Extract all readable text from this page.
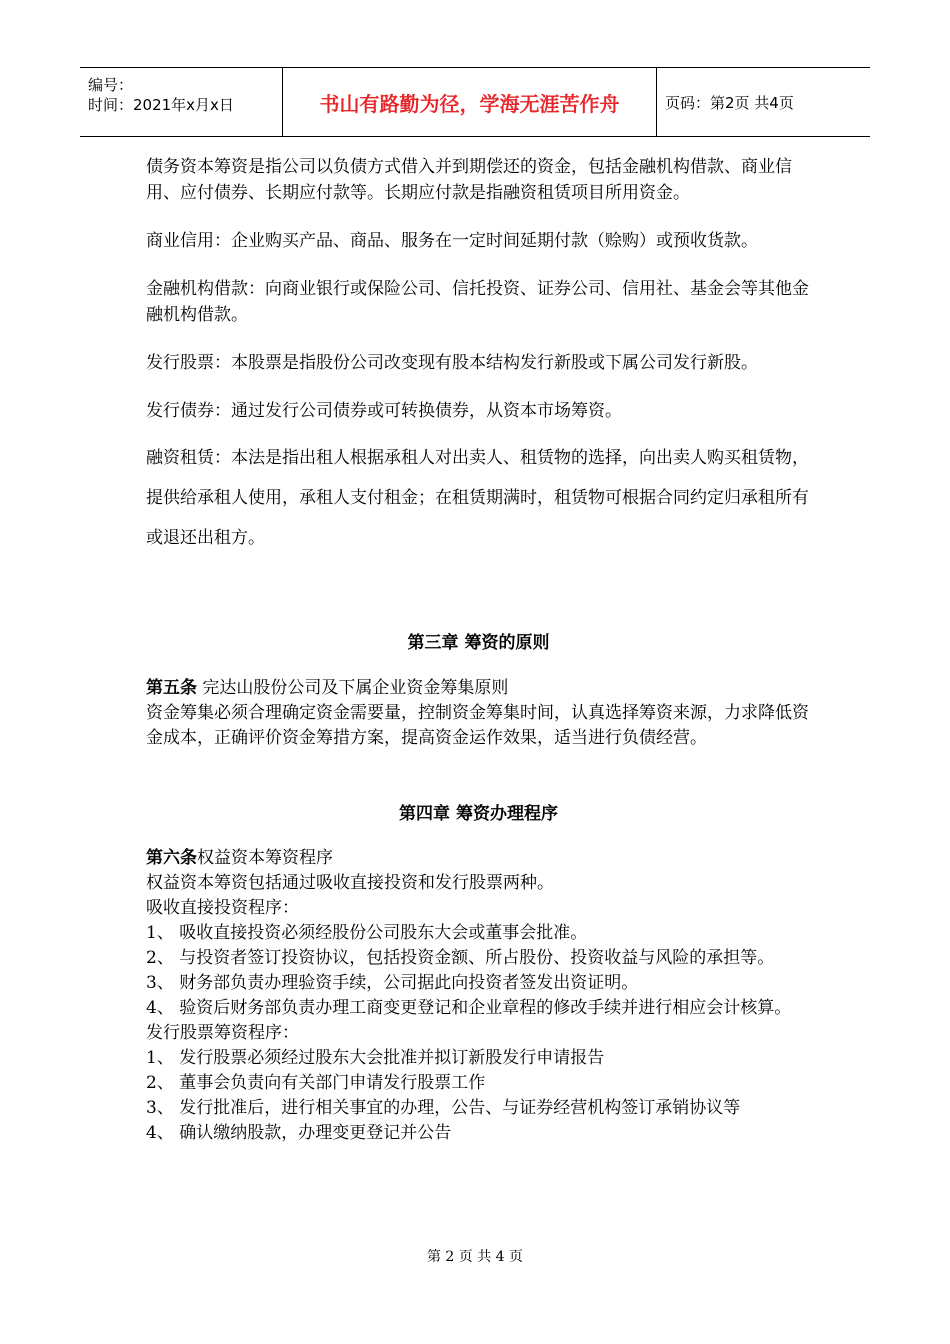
编号：
时间：2021年x月x日	书山有路勤为径，学海无涯苦作舟	页码：第2页 共4页

债务资本筹资是指公司以负债方式借入并到期偿还的资金，包括金融机构借款、商业信用、应付债券、长期应付款等。长期应付款是指融资租赁项目所用资金。

商业信用：企业购买产品、商品、服务在一定时间延期付款（赊购）或预收货款。

金融机构借款：向商业银行或保险公司、信托投资、证券公司、信用社、基金会等其他金融机构借款。

发行股票：本股票是指股份公司改变现有股本结构发行新股或下属公司发行新股。

发行债券：通过发行公司债券或可转换债券，从资本市场筹资。

融资租赁：本法是指出租人根据承租人对出卖人、租赁物的选择，向出卖人购买租赁物，提供给承租人使用，承租人支付租金；在租赁期满时，租赁物可根据合同约定归承租所有或退还出租方。

第三章 筹资的原则

第五条 完达山股份公司及下属企业资金筹集原则

资金筹集必须合理确定资金需要量，控制资金筹集时间，认真选择筹资来源，力求降低资金成本，正确评价资金筹措方案，提高资金运作效果，适当进行负债经营。

第四章 筹资办理程序

第六条权益资本筹资程序

权益资本筹资包括通过吸收直接投资和发行股票两种。

吸收直接投资程序：

1、 吸收直接投资必须经股份公司股东大会或董事会批准。

2、 与投资者签订投资协议，包括投资金额、所占股份、投资收益与风险的承担等。

3、 财务部负责办理验资手续，公司据此向投资者签发出资证明。

4、 验资后财务部负责办理工商变更登记和企业章程的修改手续并进行相应会计核算。

发行股票筹资程序：

1、 发行股票必须经过股东大会批准并拟订新股发行申请报告

2、 董事会负责向有关部门申请发行股票工作

3、 发行批准后，进行相关事宜的办理，公告、与证券经营机构签订承销协议等

4、 确认缴纳股款，办理变更登记并公告

第 2 页 共 4 页
